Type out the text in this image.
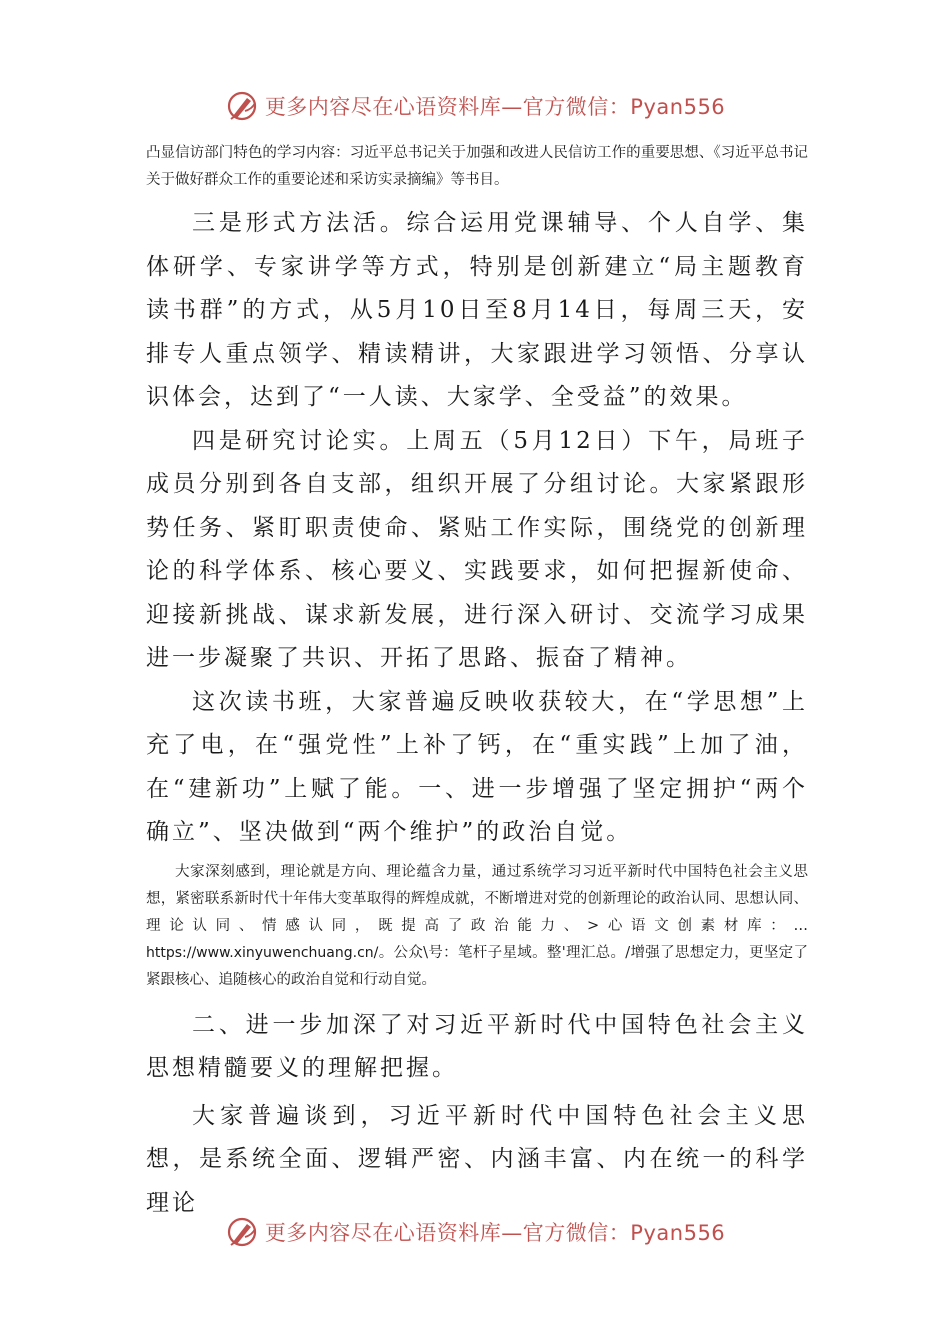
更多内容尽在心语资料库—官方微信：Pyan556

凸显信访部门特色的学习内容：习近平总书记关于加强和改进人民信访工作的重要思想、《习近平总书记关于做好群众工作的重要论述和采访实录摘编》等书目。

三是形式方法活。综合运用党课辅导、个人自学、集体研学、专家讲学等方式，特别是创新建立“局主题教育读书群”的方式，从5月10日至8月14日，每周三天，安排专人重点领学、精读精讲，大家跟进学习领悟、分享认识体会，达到了“一人读、大家学、全受益”的效果。

四是研究讨论实。上周五（5月12日）下午，局班子成员分别到各自支部，组织开展了分组讨论。大家紧跟形势任务、紧盯职责使命、紧贴工作实际，围绕党的创新理论的科学体系、核心要义、实践要求，如何把握新使命、迎接新挑战、谋求新发展，进行深入研讨、交流学习成果进一步凝聚了共识、开拓了思路、振奋了精神。

这次读书班，大家普遍反映收获较大，在“学思想”上充了电，在“强党性”上补了钙，在“重实践”上加了油，在“建新功”上赋了能。一、进一步增强了坚定拥护“两个确立”、坚决做到“两个维护”的政治自觉。

大家深刻感到，理论就是方向、理论蕴含力量，通过系统学习习近平新时代中国特色社会主义思想，紧密联系新时代十年伟大变革取得的辉煌成就，不断增进对党的创新理论的政治认同、思想认同、理论认同、情感认同，既提高了政治能力、>心语文创素材库：…https://www.xinyuwenchuang.cn/。公众\号：笔杆子星域。整'理汇总。/增强了思想定力，更坚定了紧跟核心、追随核心的政治自觉和行动自觉。

二、进一步加深了对习近平新时代中国特色社会主义思想精髓要义的理解把握。

大家普遍谈到，习近平新时代中国特色社会主义思想，是系统全面、逻辑严密、内涵丰富、内在统一的科学理论

更多内容尽在心语资料库—官方微信：Pyan556
